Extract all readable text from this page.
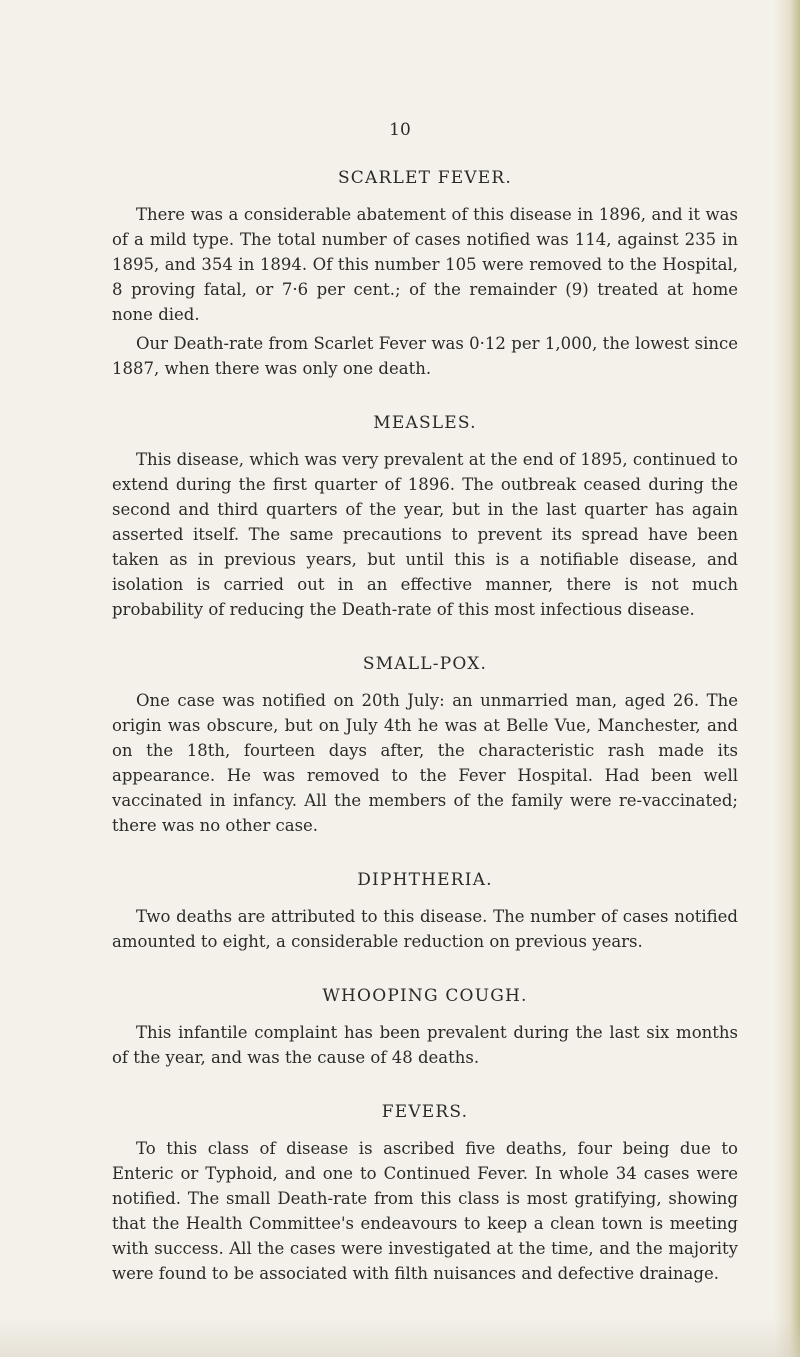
10
SCARLET FEVER.

There was a considerable abatement of this disease in 1896, and it was of a mild type. The total number of cases notified was 114, against 235 in 1895, and 354 in 1894. Of this number 105 were removed to the Hospital, 8 proving fatal, or 7·6 per cent.; of the remainder (9) treated at home none died.

Our Death-rate from Scarlet Fever was 0·12 per 1,000, the lowest since 1887, when there was only one death.

MEASLES.

This disease, which was very prevalent at the end of 1895, continued to extend during the first quarter of 1896. The outbreak ceased during the second and third quarters of the year, but in the last quarter has again asserted itself. The same precautions to prevent its spread have been taken as in previous years, but until this is a notifiable disease, and isolation is carried out in an effective manner, there is not much probability of reducing the Death-rate of this most infectious disease.

SMALL-POX.

One case was notified on 20th July: an unmarried man, aged 26. The origin was obscure, but on July 4th he was at Belle Vue, Manchester, and on the 18th, fourteen days after, the characteristic rash made its appearance. He was removed to the Fever Hospital. Had been well vaccinated in infancy. All the members of the family were re-vaccinated; there was no other case.

DIPHTHERIA.

Two deaths are attributed to this disease. The number of cases notified amounted to eight, a considerable reduction on previous years.

WHOOPING COUGH.

This infantile complaint has been prevalent during the last six months of the year, and was the cause of 48 deaths.

FEVERS.

To this class of disease is ascribed five deaths, four being due to Enteric or Typhoid, and one to Continued Fever. In whole 34 cases were notified. The small Death-rate from this class is most gratifying, showing that the Health Committee's endeavours to keep a clean town is meeting with success. All the cases were investigated at the time, and the majority were found to be associated with filth nuisances and defective drainage.
